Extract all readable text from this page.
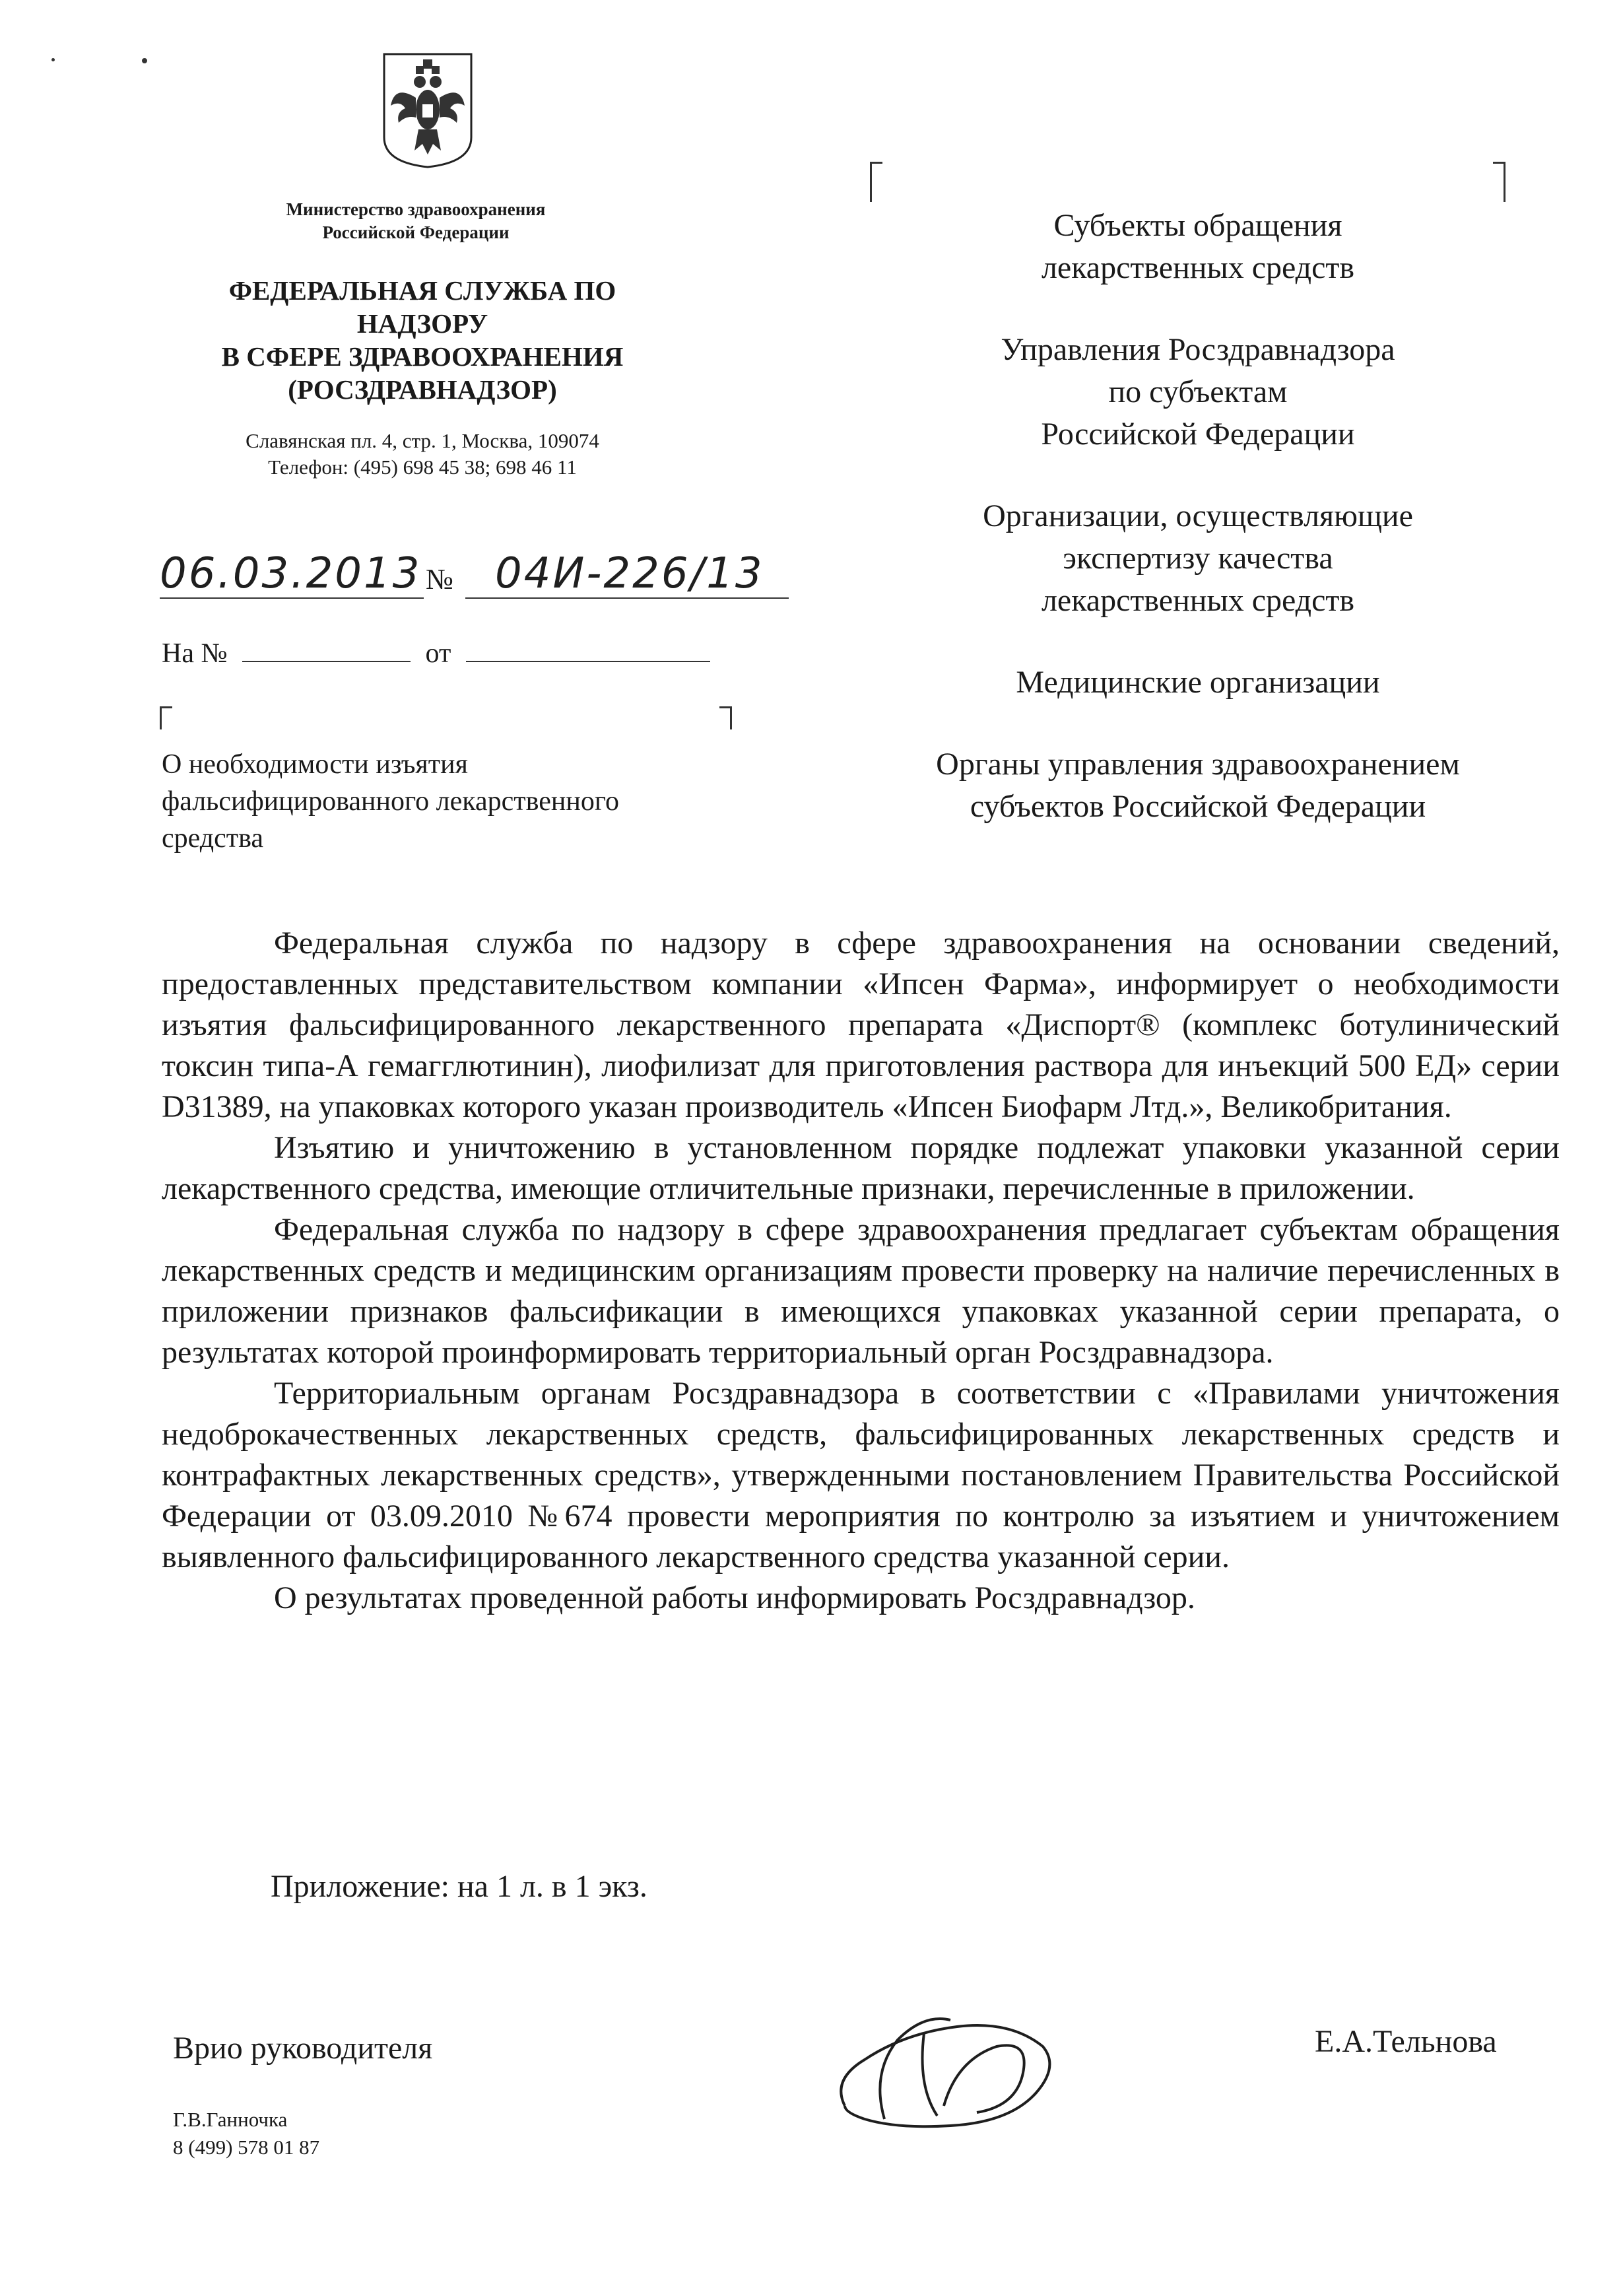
Министерство здравоохранения
Российской Федерации
ФЕДЕРАЛЬНАЯ СЛУЖБА ПО
НАДЗОРУ
В СФЕРЕ ЗДРАВООХРАНЕНИЯ
(РОСЗДРАВНАДЗОР)
Славянская пл. 4, стр. 1, Москва, 109074
Телефон: (495) 698 45 38; 698 46 11
06.03.2013 № 04И-226/13
На №	от
О необходимости изъятия
фальсифицированного лекарственного
средства

Субъекты обращения
лекарственных средств

Управления Росздравнадзора
по субъектам
Российской Федерации

Организации, осуществляющие
экспертизу качества
лекарственных средств

Медицинские организации

Органы управления здравоохранением
субъектов Российской Федерации

Федеральная служба по надзору в сфере здравоохранения на основании сведений, предоставленных представительством компании «Ипсен Фарма», информирует о необходимости изъятия фальсифицированного лекарственного препарата «Диспорт® (комплекс ботулинический токсин типа-А гемагглютинин), лиофилизат для приготовления раствора для инъекций 500 ЕД» серии D31389, на упаковках которого указан производитель «Ипсен Биофарм Лтд.», Великобритания.

Изъятию и уничтожению в установленном порядке подлежат упаковки указанной серии лекарственного средства, имеющие отличительные признаки, перечисленные в приложении.

Федеральная служба по надзору в сфере здравоохранения предлагает субъектам обращения лекарственных средств и медицинским организациям провести проверку на наличие перечисленных в приложении признаков фальсификации в имеющихся упаковках указанной серии препарата, о результатах которой проинформировать территориальный орган Росздравнадзора.

Территориальным органам Росздравнадзора в соответствии с «Правилами уничтожения недоброкачественных лекарственных средств, фальсифицированных лекарственных средств и контрафактных лекарственных средств», утвержденными постановлением Правительства Российской Федерации от 03.09.2010 №674 провести мероприятия по контролю за изъятием и уничтожением выявленного фальсифицированного лекарственного средства указанной серии.

О результатах проведенной работы информировать Росздравнадзор.

Приложение: на 1 л. в 1 экз.
Врио руководителя	Е.А.Тельнова
Г.В.Ганночка
8 (499) 578 01 87
